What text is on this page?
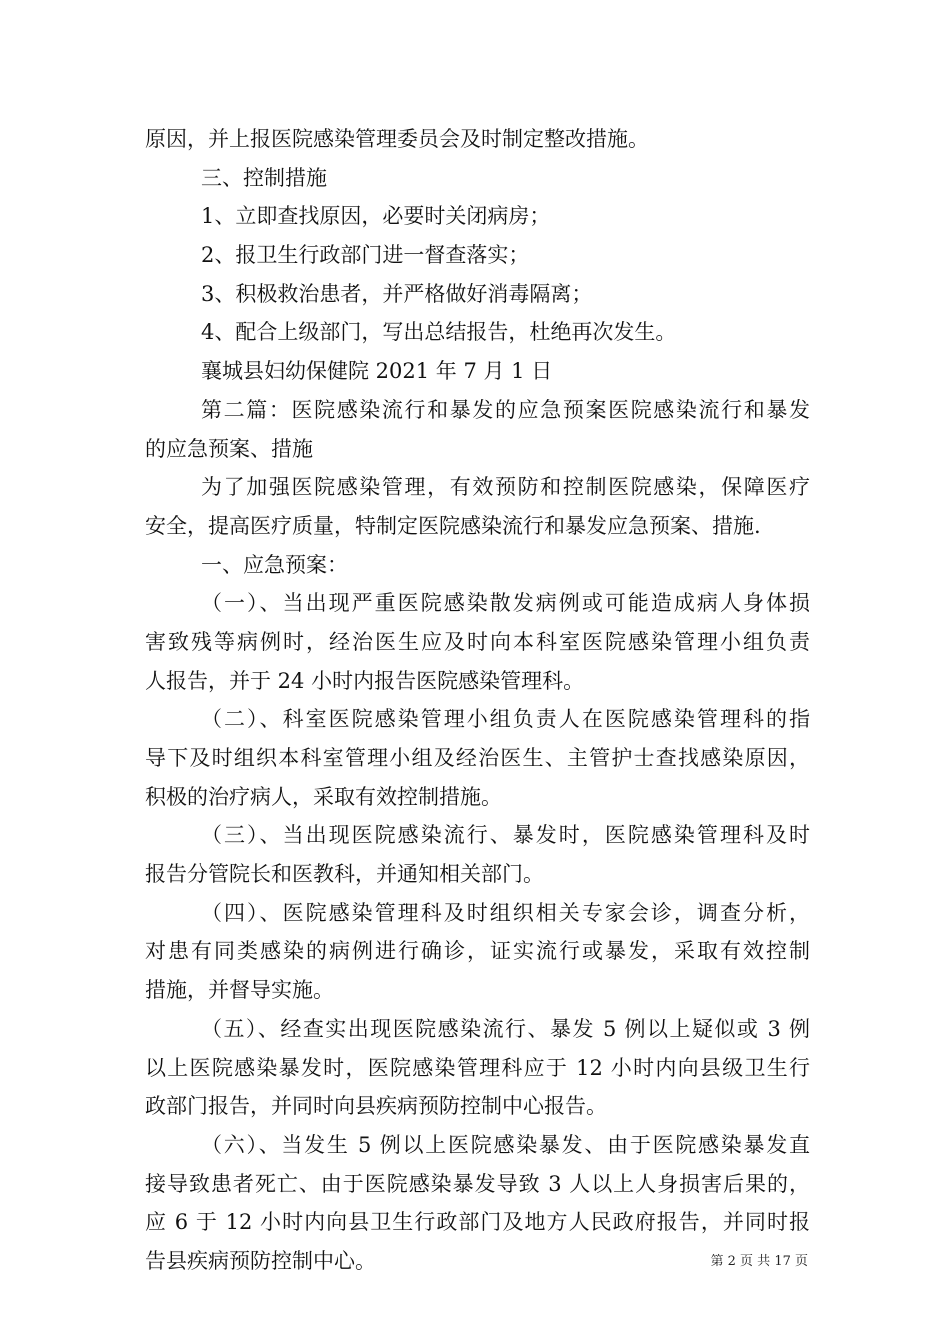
原因，并上报医院感染管理委员会及时制定整改措施。
三、控制措施
1、立即查找原因，必要时关闭病房；
2、报卫生行政部门进一督查落实；
3、积极救治患者，并严格做好消毒隔离；
4、配合上级部门，写出总结报告，杜绝再次发生。
襄城县妇幼保健院 2021 年 7 月 1 日
第二篇：医院感染流行和暴发的应急预案医院感染流行和暴发
的应急预案、措施
为了加强医院感染管理，有效预防和控制医院感染，保障医疗
安全，提高医疗质量，特制定医院感染流行和暴发应急预案、措施.
一、应急预案：
（一）、当出现严重医院感染散发病例或可能造成病人身体损
害致残等病例时，经治医生应及时向本科室医院感染管理小组负责
人报告，并于 24 小时内报告医院感染管理科。
（二）、科室医院感染管理小组负责人在医院感染管理科的指
导下及时组织本科室管理小组及经治医生、主管护士查找感染原因，
积极的治疗病人，采取有效控制措施。
（三）、当出现医院感染流行、暴发时，医院感染管理科及时
报告分管院长和医教科，并通知相关部门。
（四）、医院感染管理科及时组织相关专家会诊，调查分析，
对患有同类感染的病例进行确诊，证实流行或暴发，采取有效控制
措施，并督导实施。
（五）、经查实出现医院感染流行、暴发 5 例以上疑似或 3 例
以上医院感染暴发时，医院感染管理科应于 12 小时内向县级卫生行
政部门报告，并同时向县疾病预防控制中心报告。
（六）、当发生 5 例以上医院感染暴发、由于医院感染暴发直
接导致患者死亡、由于医院感染暴发导致 3 人以上人身损害后果的，
应 6 于 12 小时内向县卫生行政部门及地方人民政府报告，并同时报
告县疾病预防控制中心。	第 2 页 共 17 页
